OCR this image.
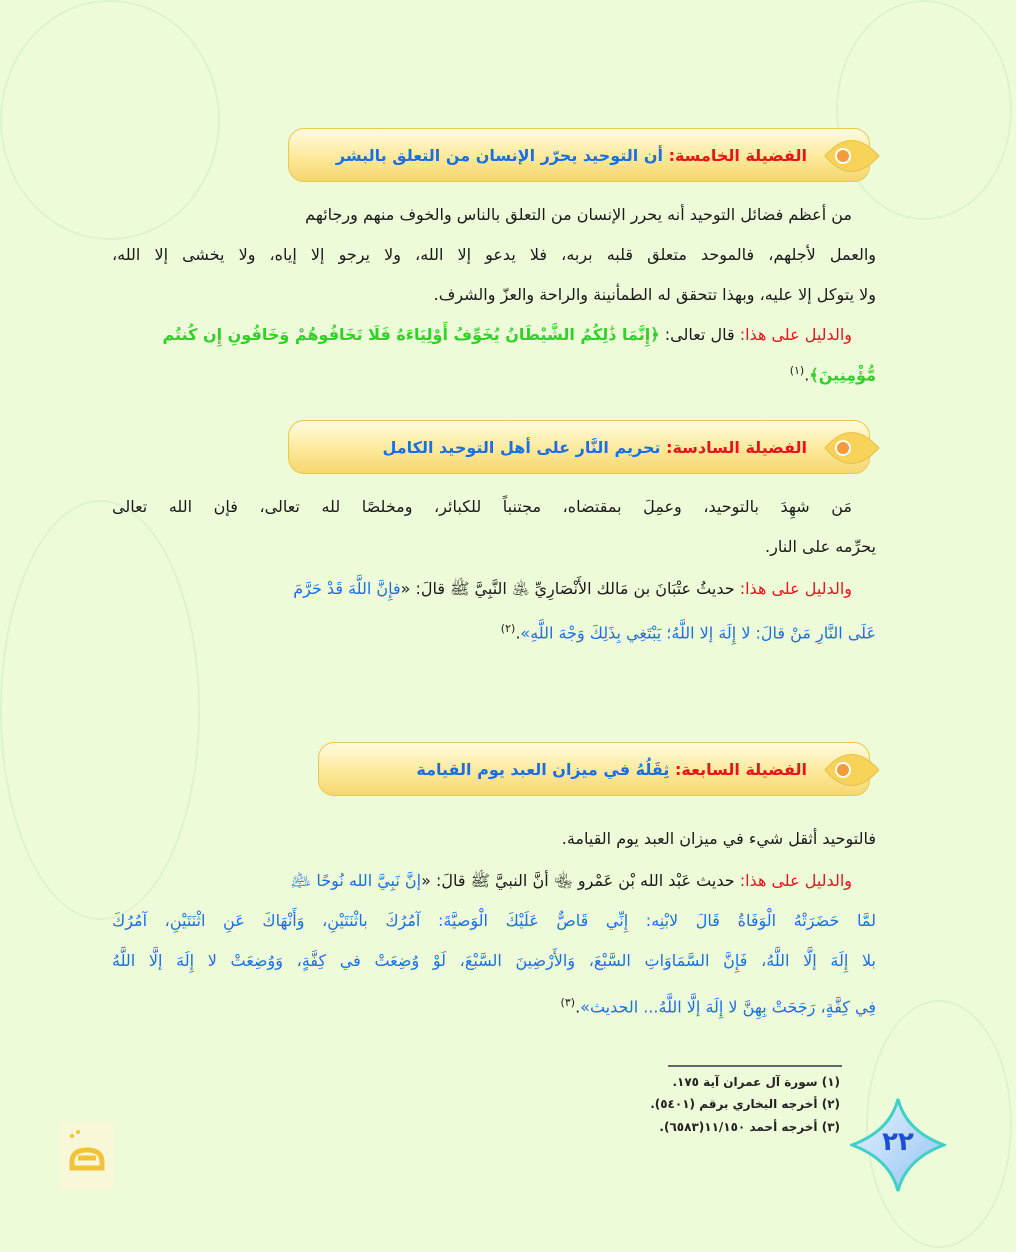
الفضيلة الخامسة:

أن التوحيد يحرّر الإنسان من التعلق بالبشر
من أعظم فضائل التوحيد أنه يحرر الإنسان من التعلق بالناس والخوف منهم ورجائهم
والعمل لأجلهم، فالموحد متعلق قلبه بربه، فلا يدعو إلا الله، ولا يرجو إلا إياه، ولا يخشى إلا الله،
ولا يتوكل إلا عليه، وبهذا تتحقق له الطمأنينة والراحة والعزّ والشرف.
والدليل على هذا: قال تعالى: ﴿إِنَّمَا ذَٰلِكُمُ الشَّيْطَانُ يُخَوِّفُ أَوْلِيَاءَهُ فَلَا تَخَافُوهُمْ وَخَافُونِ إِن كُنتُم
مُّؤْمِنِينَ﴾.$^{(١)}$
الفضيلة السادسة:

تحريم النَّار على أهل التوحيد الكامل
مَن شهِدَ بالتوحيد، وعمِلَ بمقتضاه، مجتنباً للكبائر، ومخلصًا لله تعالى، فإن الله تعالى
يحرِّمه على النار.
والدليل على هذا: حديثُ عتْبَانَ بن مَالك الأَنْصَارِيِّ ﵁ النَّبِيَّ ﷺ قالَ: «فإِنَّ اللَّهَ قَدْ حَرَّمَ
عَلَى النَّارِ مَنْ قالَ: لا إِلَهَ إلا اللَّهُ؛ يَبْتَغِي بِذَلِكَ وَجْهَ اللَّهِ».$^{(٢)}$
الفضيلة السابعة:

ثِقَلُهُ في ميزان العبد يوم القيامة
فالتوحيد أثقل شيء في ميزان العبد يوم القيامة.
والدليل على هذا: حديث عَبْد الله بْن عَمْرو ﵄ أنَّ النبيَّ ﷺ قالَ: «إنَّ نَبِيَّ الله نُوحًا ﵇
لمَّا حَضَرَتْهُ الْوَفَاةُ قَالَ لابْنِه: إِنِّي قَاصٌّ عَلَيْكَ الْوَصيَّةَ: آمُرُكَ باثْنَتَيْنِ، وَأَنْهَاكَ عَنِ اثْنَتَيْنِ، آمُرُكَ
بلا إِلَهَ إلَّا اللَّهُ، فَإِنَّ السَّمَاوَاتِ السَّبْعَ، وَالأَرْضِينَ السَّبْعَ، لَوْ وُضِعَتْ في كِفَّةٍ، وَوُضِعَتْ لا إِلَهَ إلَّا اللَّهُ
فِي كِفَّةٍ، رَجَحَتْ بِهِنَّ لا إِلَهَ إلَّا اللَّهُ... الحديث».$^{(٣)}$
(١) سورة آل عمران آية ١٧٥.
(٢) أخرجه البخاري برقم (٥٤٠١).
(٣) أخرجه أحمد ١١/١٥٠(٦٥٨٣).	٢٢
